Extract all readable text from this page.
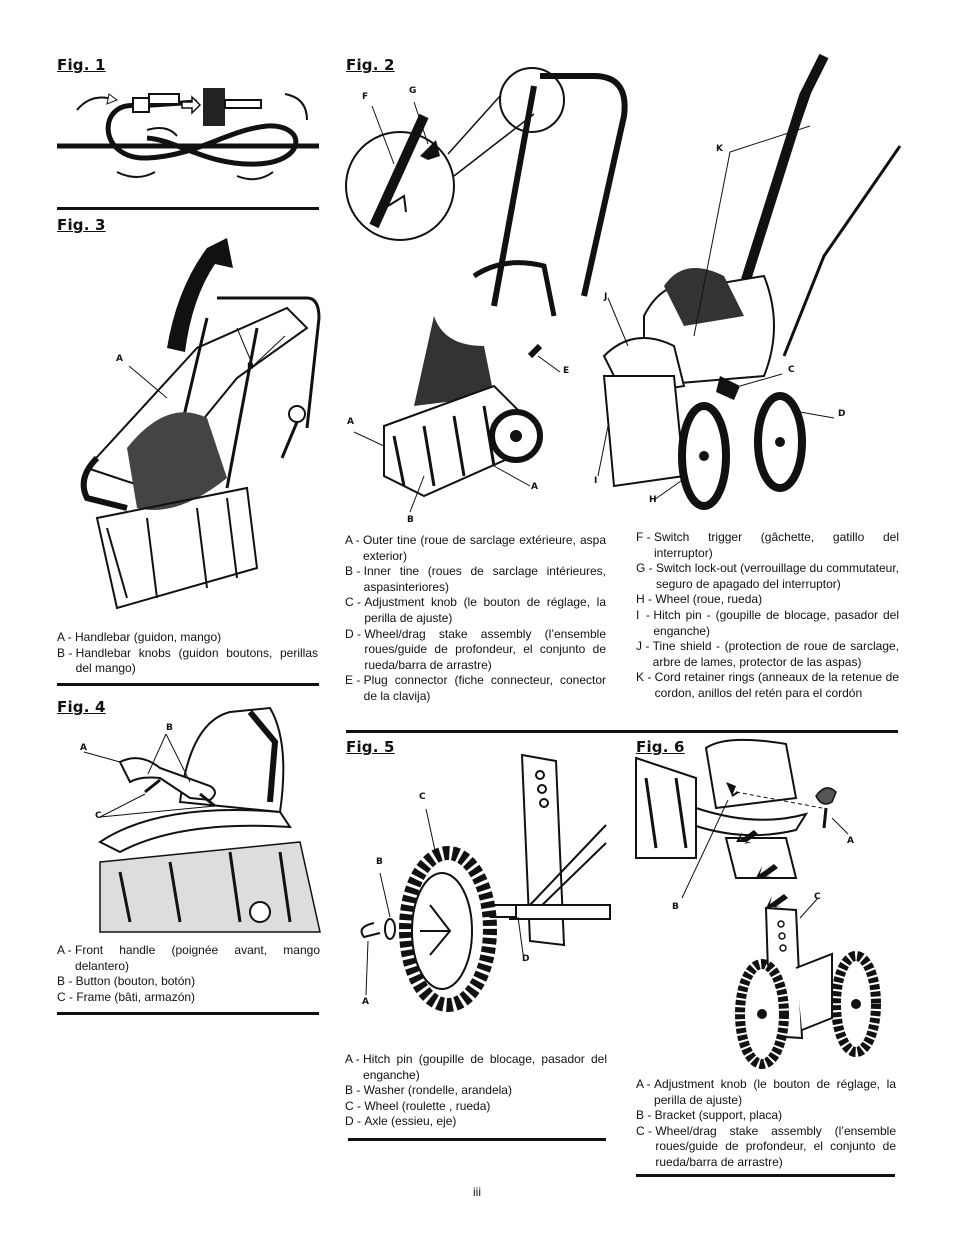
Fig. 1
Fig. 3
A
B
A - Handlebar (guidon, mango)
B - Handlebar knobs (guidon boutons, perillas del mango)
Fig. 4
A
B
C
A - Front handle (poignée avant, mango delantero)
B - Button (bouton, botón)
C - Frame (bâti, armazón)
Fig. 2
F
G
A
B
A
E
K
J
C
D
I
H
A - Outer tine (roue de sarclage extérieure, aspa exterior)
B - Inner tine (roues de sarclage intérieures, aspasinteriores)
C - Adjustment knob (le bouton de réglage, la perilla de ajuste)
D - Wheel/drag stake assembly (l’ensemble roues/guide de profondeur, el conjunto de rueda/barra de arrastre)
E - Plug connector (fiche connecteur, conector de la clavija)
F - Switch trigger (gâchette, gatillo del interruptor)
G - Switch lock-out (verrouillage du commutateur, seguro de apagado del interruptor)
H - Wheel (roue, rueda)
I  - Hitch pin - (goupille de blocage, pasador del enganche)
J - Tine shield - (protection de roue de sarclage, arbre de lames, protector de las aspas)
K - Cord retainer rings (anneaux de la retenue de cordon, anillos del retén para el cordón
Fig. 5
C
B
D
A
A - Hitch pin (goupille de blocage, pasador del enganche)
B - Washer (rondelle, arandela)
C - Wheel (roulette , rueda)
D - Axle (essieu, eje)
Fig. 6
A
B
C
A - Adjustment knob (le bouton de réglage, la perilla de ajuste)
B - Bracket (support, placa)
C - Wheel/drag stake assembly (l’ensemble roues/guide de profondeur, el conjunto de rueda/barra de arrastre)
iii
